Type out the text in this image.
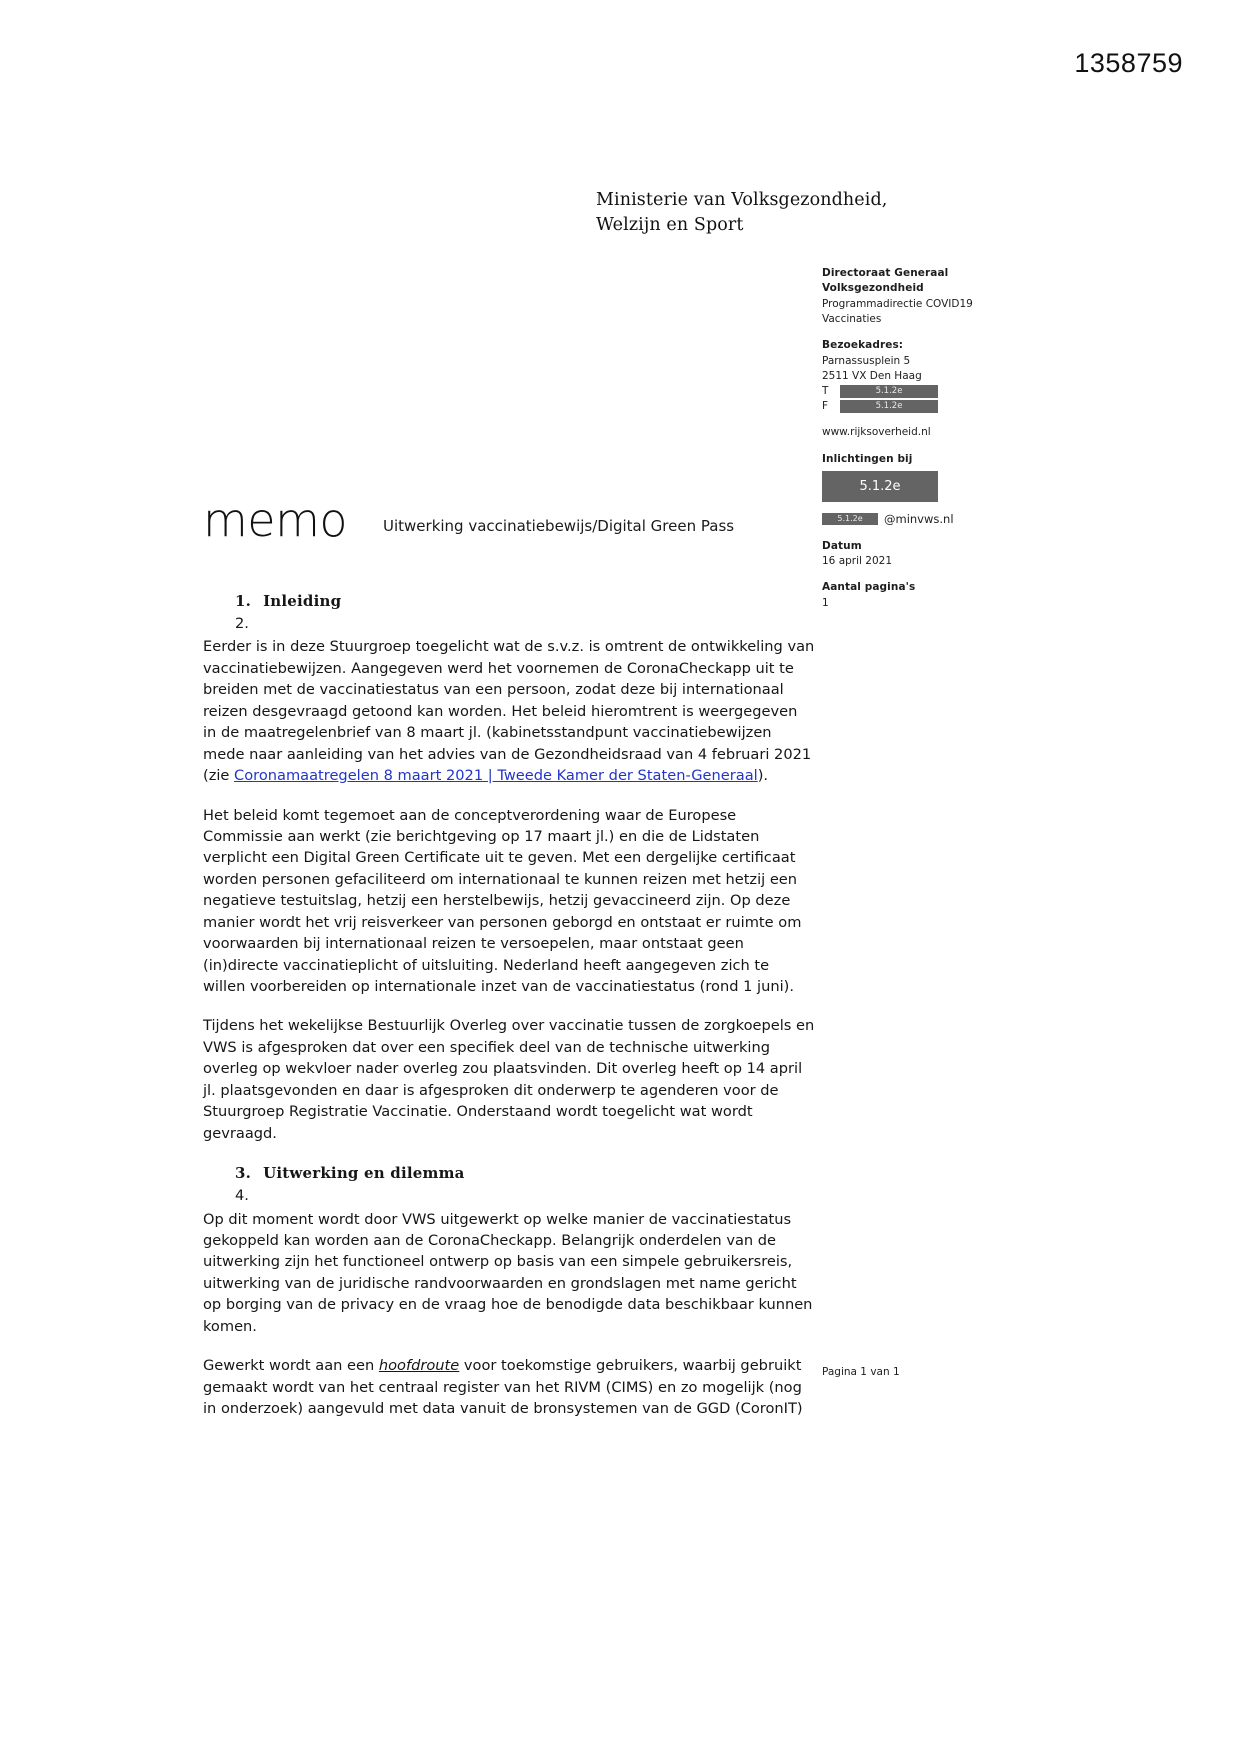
1358759
Ministerie van Volksgezondheid,
Welzijn en Sport
Directoraat Generaal
Volksgezondheid
Programmadirectie COVID19
Vaccinaties
Bezoekadres:
Parnassusplein 5
2511 VX Den Haag
T	5.1.2e
F	5.1.2e
www.rijksoverheid.nl
Inlichtingen bij
5.1.2e
5.1.2e @minvws.nl
Datum
16 april 2021
Aantal pagina's
1
memo Uitwerking vaccinatiebewijs/Digital Green Pass
1. Inleiding
2.

Eerder is in deze Stuurgroep toegelicht wat de s.v.z. is omtrent de ontwikkeling van vaccinatiebewijzen. Aangegeven werd het voornemen de CoronaCheckapp uit te breiden met de vaccinatiestatus van een persoon, zodat deze bij internationaal reizen desgevraagd getoond kan worden. Het beleid hieromtrent is weergegeven in de maatregelenbrief van 8 maart jl. (kabinetsstandpunt vaccinatiebewijzen mede naar aanleiding van het advies van de Gezondheidsraad van 4 februari 2021 (zie Coronamaatregelen 8 maart 2021 | Tweede Kamer der Staten-Generaal).

Het beleid komt tegemoet aan de conceptverordening waar de Europese Commissie aan werkt (zie berichtgeving op 17 maart jl.) en die de Lidstaten verplicht een Digital Green Certificate uit te geven. Met een dergelijke certificaat worden personen gefaciliteerd om internationaal te kunnen reizen met hetzij een negatieve testuitslag, hetzij een herstelbewijs, hetzij gevaccineerd zijn. Op deze manier wordt het vrij reisverkeer van personen geborgd en ontstaat er ruimte om voorwaarden bij internationaal reizen te versoepelen, maar ontstaat geen (in)directe vaccinatieplicht of uitsluiting. Nederland heeft aangegeven zich te willen voorbereiden op internationale inzet van de vaccinatiestatus (rond 1 juni).

Tijdens het wekelijkse Bestuurlijk Overleg over vaccinatie tussen de zorgkoepels en VWS is afgesproken dat over een specifiek deel van de technische uitwerking overleg op wekvloer nader overleg zou plaatsvinden. Dit overleg heeft op 14 april jl. plaatsgevonden en daar is afgesproken dit onderwerp te agenderen voor de Stuurgroep Registratie Vaccinatie. Onderstaand wordt toegelicht wat wordt gevraagd.

3. Uitwerking en dilemma
4.

Op dit moment wordt door VWS uitgewerkt op welke manier de vaccinatiestatus gekoppeld kan worden aan de CoronaCheckapp. Belangrijk onderdelen van de uitwerking zijn het functioneel ontwerp op basis van een simpele gebruikersreis, uitwerking van de juridische randvoorwaarden en grondslagen met name gericht op borging van de privacy en de vraag hoe de benodigde data beschikbaar kunnen komen.

Gewerkt wordt aan een hoofdroute voor toekomstige gebruikers, waarbij gebruikt gemaakt wordt van het centraal register van het RIVM (CIMS) en zo mogelijk (nog in onderzoek) aangevuld met data vanuit de bronsystemen van de GGD (CoronIT)

Pagina 1 van 1
